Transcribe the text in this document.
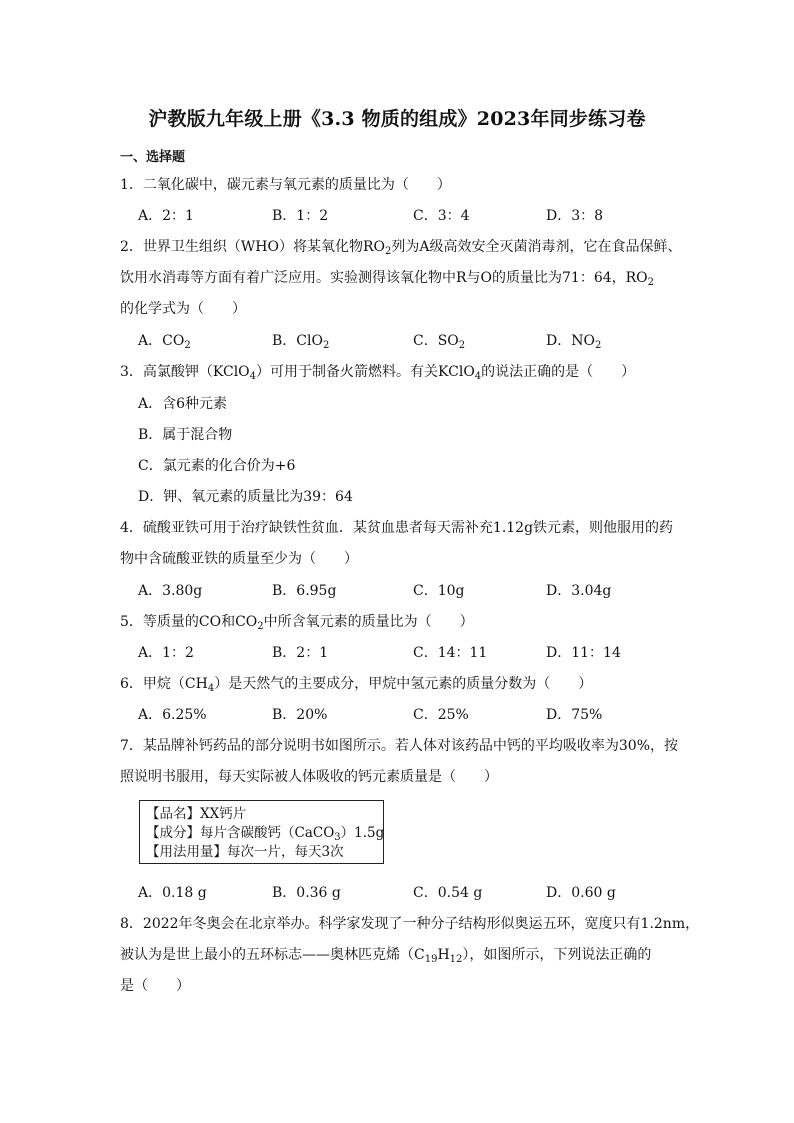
沪教版九年级上册《3.3 物质的组成》2023年同步练习卷
一、选择题
1．二氧化碳中，碳元素与氧元素的质量比为（　　）
A．2：1	B．1：2	C．3：4	D．3：8
2．世界卫生组织（WHO）将某氧化物$RO_2$列为A级高效安全灭菌消毒剂，它在食品保鲜、
饮用水消毒等方面有着广泛应用。实验测得该氧化物中R与O的质量比为71：64，$RO_2$
的化学式为（　　）
A．$CO_2$	B．ClO$_2$	C．$SO_2$	D．$NO_2$
3．高氯酸钾（KClO$_4$）可用于制备火箭燃料。有关KClO$_4$的说法正确的是（　　）
A．含6种元素
B．属于混合物
C．氯元素的化合价为+6
D．钾、氧元素的质量比为39：64
4．硫酸亚铁可用于治疗缺铁性贫血．某贫血患者每天需补充1.12g铁元素，则他服用的药
物中含硫酸亚铁的质量至少为（　　）
A．3.80g	B．6.95g	C．10g	D．3.04g
5．等质量的CO和$CO_2$中所含氧元素的质量比为（　　）
A．1：2	B．2：1	C．14：11	D．11：14
6．甲烷$(CH_4)$是天然气的主要成分，甲烷中氢元素的质量分数为（　　）
A．6.25%	B．20%	C．25%	D．75%
7．某品牌补钙药品的部分说明书如图所示。若人体对该药品中钙的平均吸收率为30%，按
照说明书服用，每天实际被人体吸收的钙元素质量是（　　）
【品名】XX钙片
【成分】每片含碳酸钙（CaCO$_3$）1.5g
【用法用量】每次一片，每天3次
A．0.18 g	B．0.36 g	C．0.54 g	D．0.60 g
8．2022年冬奥会在北京举办。科学家发现了一种分子结构形似奥运五环，宽度只有1.2nm，
被认为是世上最小的五环标志——奥林匹克烯$(C_{19}H_{12})$，如图所示，下列说法正确的
是（　　）
